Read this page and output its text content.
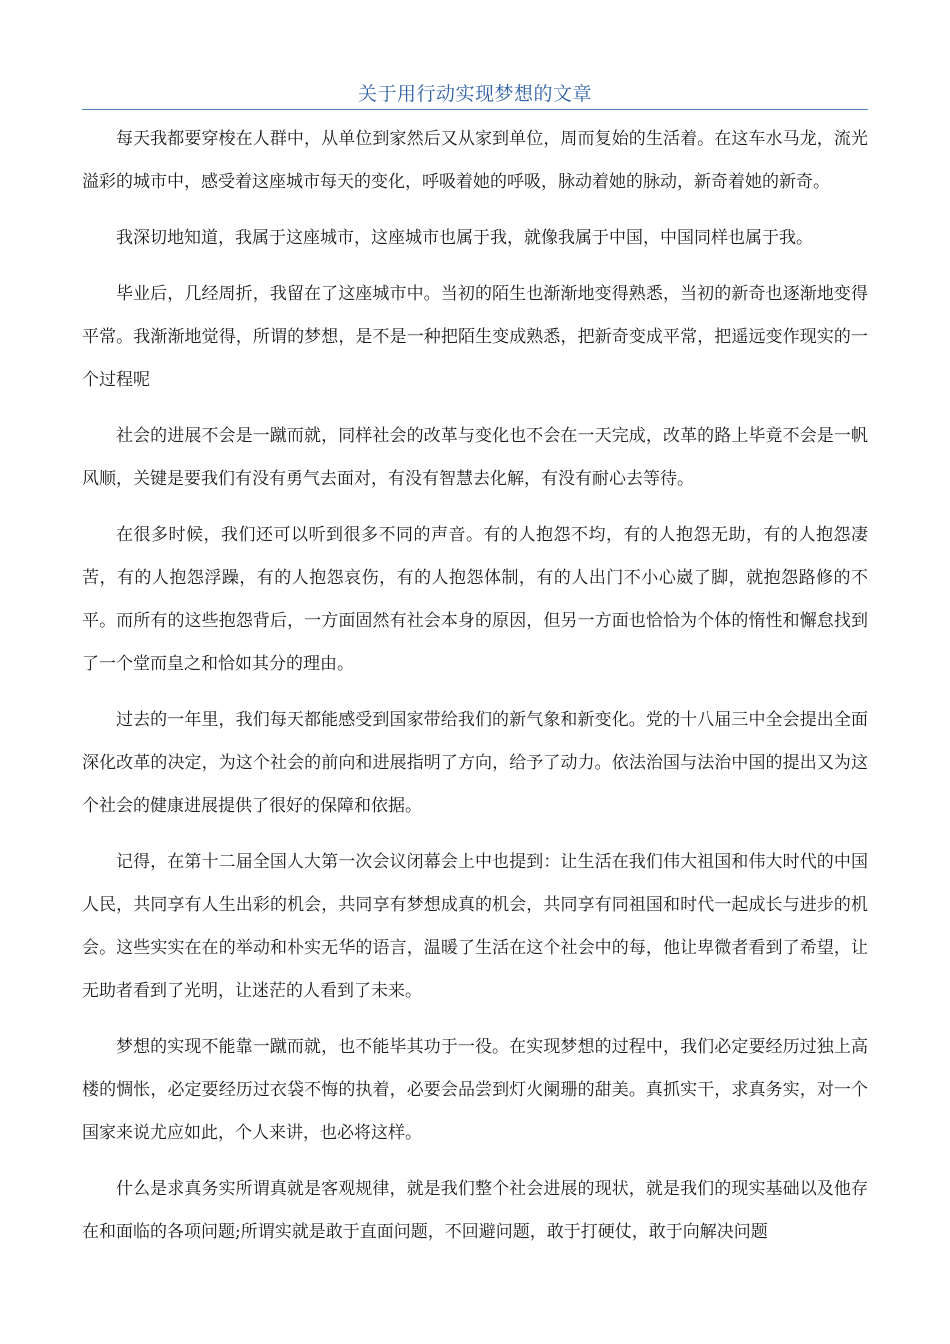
关于用行动实现梦想的文章

每天我都要穿梭在人群中，从单位到家然后又从家到单位，周而复始的生活着。在这车水马龙，流光溢彩的城市中，感受着这座城市每天的变化，呼吸着她的呼吸，脉动着她的脉动，新奇着她的新奇。

我深切地知道，我属于这座城市，这座城市也属于我，就像我属于中国，中国同样也属于我。

毕业后，几经周折，我留在了这座城市中。当初的陌生也渐渐地变得熟悉，当初的新奇也逐渐地变得平常。我渐渐地觉得，所谓的梦想，是不是一种把陌生变成熟悉，把新奇变成平常，把遥远变作现实的一个过程呢

社会的进展不会是一蹴而就，同样社会的改革与变化也不会在一天完成，改革的路上毕竟不会是一帆风顺，关键是要我们有没有勇气去面对，有没有智慧去化解，有没有耐心去等待。

在很多时候，我们还可以听到很多不同的声音。有的人抱怨不均，有的人抱怨无助，有的人抱怨凄苦，有的人抱怨浮躁，有的人抱怨哀伤，有的人抱怨体制，有的人出门不小心崴了脚，就抱怨路修的不平。而所有的这些抱怨背后，一方面固然有社会本身的原因，但另一方面也恰恰为个体的惰性和懈怠找到了一个堂而皇之和恰如其分的理由。

过去的一年里，我们每天都能感受到国家带给我们的新气象和新变化。党的十八届三中全会提出全面深化改革的决定，为这个社会的前向和进展指明了方向，给予了动力。依法治国与法治中国的提出又为这个社会的健康进展提供了很好的保障和依据。

记得，在第十二届全国人大第一次会议闭幕会上中也提到：让生活在我们伟大祖国和伟大时代的中国人民，共同享有人生出彩的机会，共同享有梦想成真的机会，共同享有同祖国和时代一起成长与进步的机会。这些实实在在的举动和朴实无华的语言，温暖了生活在这个社会中的每，他让卑微者看到了希望，让无助者看到了光明，让迷茫的人看到了未来。

梦想的实现不能靠一蹴而就，也不能毕其功于一役。在实现梦想的过程中，我们必定要经历过独上高楼的惆怅，必定要经历过衣袋不悔的执着，必要会品尝到灯火阑珊的甜美。真抓实干，求真务实，对一个国家来说尤应如此，个人来讲，也必将这样。

什么是求真务实所谓真就是客观规律，就是我们整个社会进展的现状，就是我们的现实基础以及他存在和面临的各项问题;所谓实就是敢于直面问题，不回避问题，敢于打硬仗，敢于向解决问题
